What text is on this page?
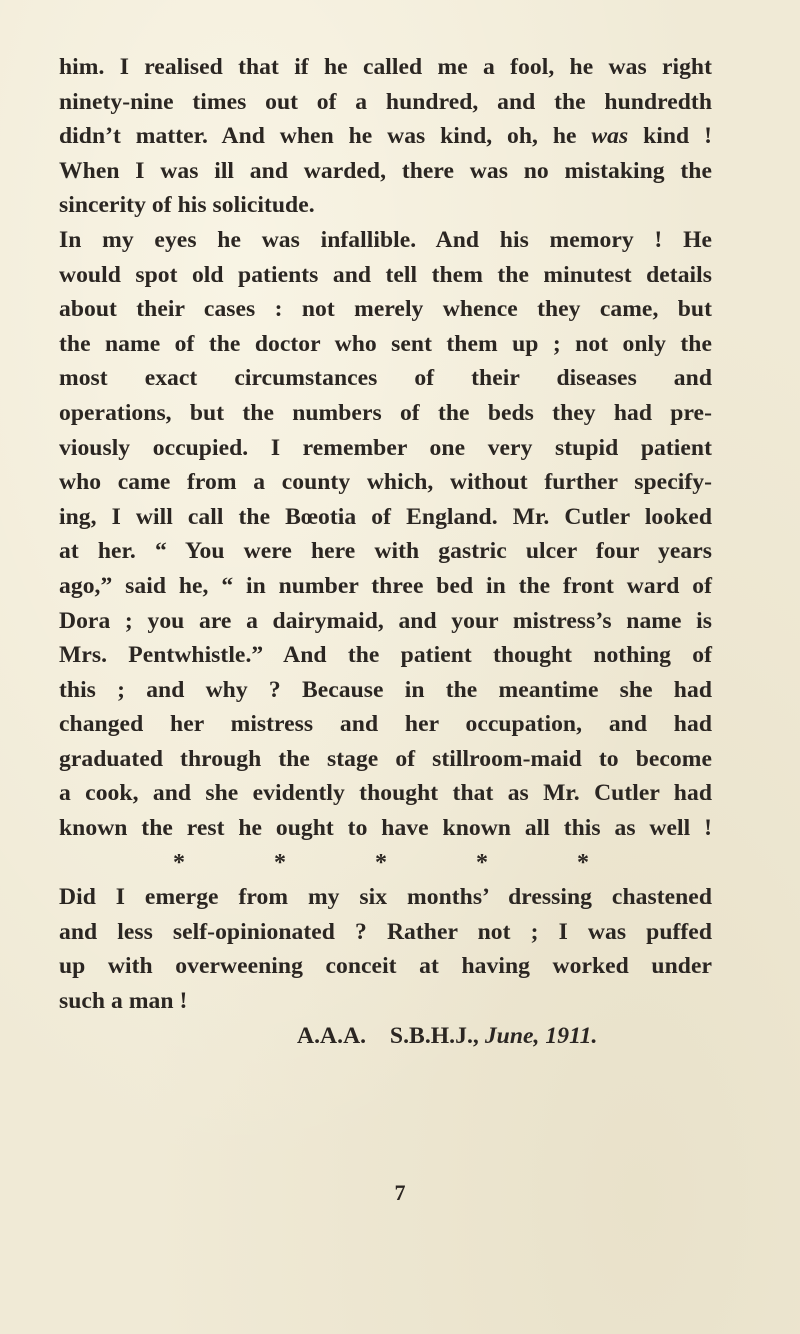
him. I realised that if he called me a fool, he was right
ninety-nine times out of a hundred, and the hundredth
didn’t matter. And when he was kind, oh, he was kind !
When I was ill and warded, there was no mistaking the
sincerity of his solicitude.
In my eyes he was infallible. And his memory ! He
would spot old patients and tell them the minutest details
about their cases : not merely whence they came, but
the name of the doctor who sent them up ; not only the
most exact circumstances of their diseases and
operations, but the numbers of the beds they had pre-
viously occupied. I remember one very stupid patient
who came from a county which, without further specify-
ing, I will call the Bœotia of England. Mr. Cutler looked
at her. “ You were here with gastric ulcer four years
ago,” said he, “ in number three bed in the front ward of
Dora ; you are a dairymaid, and your mistress’s name is
Mrs. Pentwhistle.” And the patient thought nothing of
this ; and why ? Because in the meantime she had
changed her mistress and her occupation, and had
graduated through the stage of stillroom-maid to become
a cook, and she evidently thought that as Mr. Cutler had
known the rest he ought to have known all this as well !
*	*	*	*	*
Did I emerge from my six months’ dressing chastened
and less self-opinionated ? Rather not ; I was puffed
up with overweening conceit at having worked under
such a man !
A.A.A. S.B.H.J., June, 1911.
7
